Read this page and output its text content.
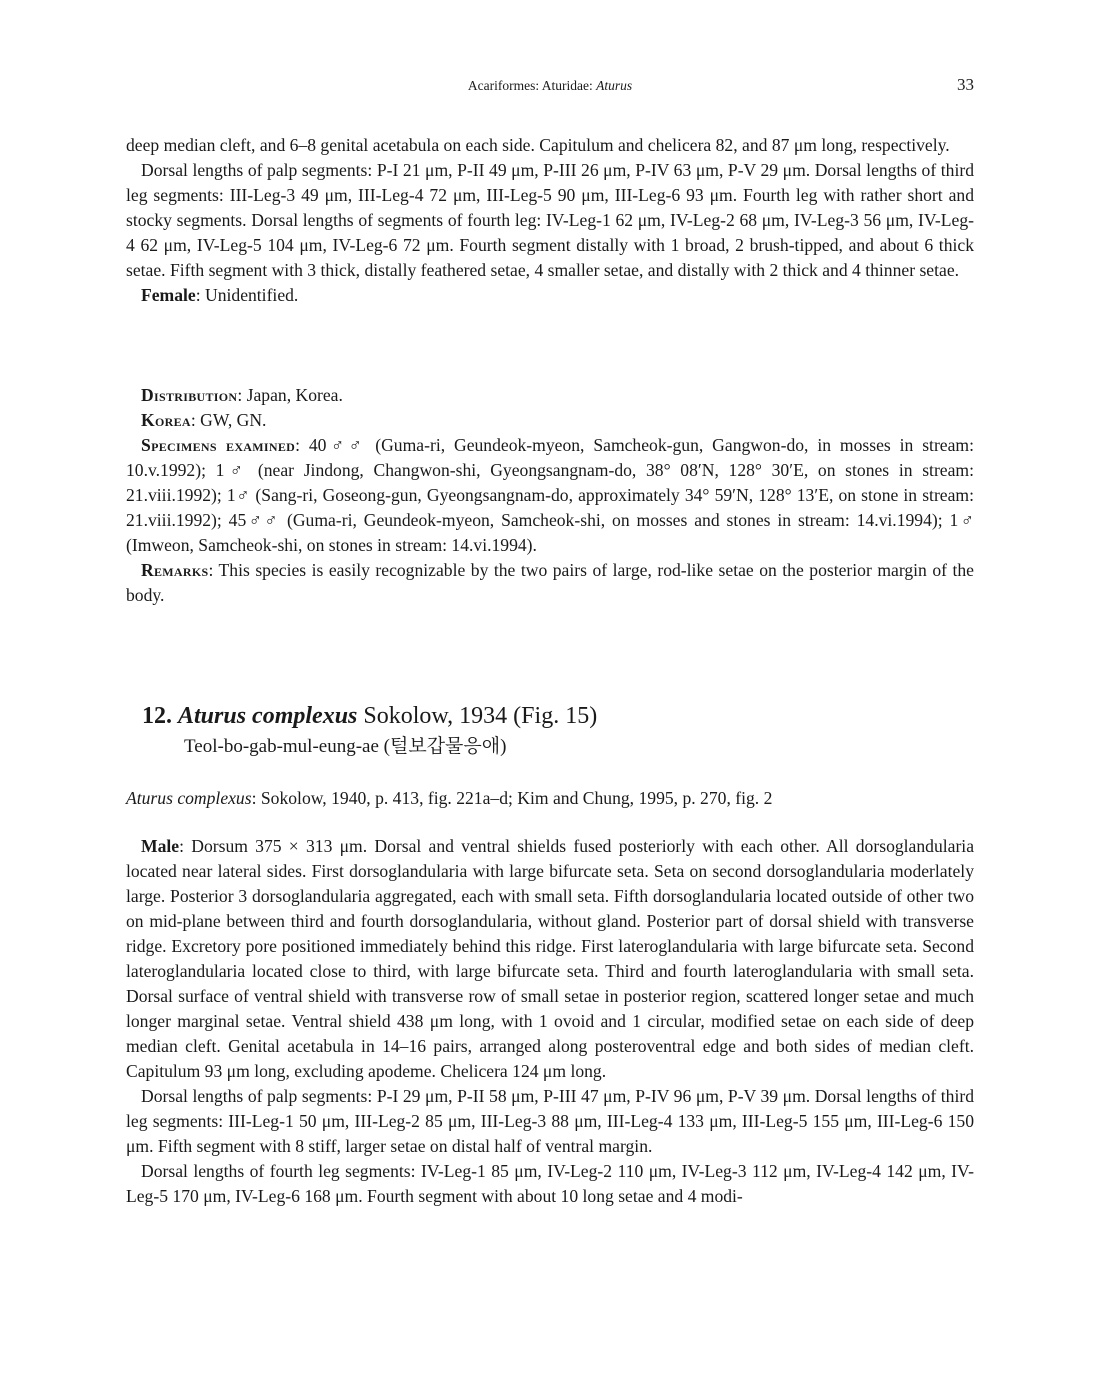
Acariformes: Aturidae: Aturus	33

deep median cleft, and 6–8 genital acetabula on each side. Capitulum and chelicera 82, and 87 μm long, respectively.

Dorsal lengths of palp segments: P-I 21 μm, P-II 49 μm, P-III 26 μm, P-IV 63 μm, P-V 29 μm. Dorsal lengths of third leg segments: III-Leg-3 49 μm, III-Leg-4 72 μm, III-Leg-5 90 μm, III-Leg-6 93 μm. Fourth leg with rather short and stocky segments. Dorsal lengths of segments of fourth leg: IV-Leg-1 62 μm, IV-Leg-2 68 μm, IV-Leg-3 56 μm, IV-Leg-4 62 μm, IV-Leg-5 104 μm, IV-Leg-6 72 μm. Fourth segment distally with 1 broad, 2 brush-tipped, and about 6 thick setae. Fifth segment with 3 thick, distally feathered setae, 4 smaller setae, and distally with 2 thick and 4 thinner setae.

Female: Unidentified.

Distribution: Japan, Korea.

Korea: GW, GN.

Specimens examined: 40♂♂ (Guma-ri, Geundeok-myeon, Samcheok-gun, Gangwon-do, in mosses in stream: 10.v.1992); 1♂ (near Jindong, Changwon-shi, Gyeongsangnam-do, 38° 08′N, 128° 30′E, on stones in stream: 21.viii.1992); 1♂ (Sang-ri, Goseong-gun, Gyeongsangnam-do, approximately 34° 59′N, 128° 13′E, on stone in stream: 21.viii.1992); 45♂♂ (Guma-ri, Geundeok-myeon, Samcheok-shi, on mosses and stones in stream: 14.vi.1994); 1♂ (Imweon, Samcheok-shi, on stones in stream: 14.vi.1994).

Remarks: This species is easily recognizable by the two pairs of large, rod-like setae on the posterior margin of the body.

12. Aturus complexus Sokolow, 1934 (Fig. 15)
Teol-bo-gab-mul-eung-ae (털보갑물응애)
Aturus complexus: Sokolow, 1940, p. 413, fig. 221a–d; Kim and Chung, 1995, p. 270, fig. 2

Male: Dorsum 375 × 313 μm. Dorsal and ventral shields fused posteriorly with each other. All dorsoglandularia located near lateral sides. First dorsoglandularia with large bifurcate seta. Seta on second dorsoglandularia moderlately large. Posterior 3 dorsoglandularia aggregated, each with small seta. Fifth dorsoglandularia located outside of other two on mid-plane between third and fourth dorsoglandularia, without gland. Posterior part of dorsal shield with transverse ridge. Excretory pore positioned immediately behind this ridge. First lateroglandularia with large bifurcate seta. Second lateroglandularia located close to third, with large bifurcate seta. Third and fourth lateroglandularia with small seta. Dorsal surface of ventral shield with transverse row of small setae in posterior region, scattered longer setae and much longer marginal setae. Ventral shield 438 μm long, with 1 ovoid and 1 circular, modified setae on each side of deep median cleft. Genital acetabula in 14–16 pairs, arranged along posteroventral edge and both sides of median cleft. Capitulum 93 μm long, excluding apodeme. Chelicera 124 μm long.

Dorsal lengths of palp segments: P-I 29 μm, P-II 58 μm, P-III 47 μm, P-IV 96 μm, P-V 39 μm. Dorsal lengths of third leg segments: III-Leg-1 50 μm, III-Leg-2 85 μm, III-Leg-3 88 μm, III-Leg-4 133 μm, III-Leg-5 155 μm, III-Leg-6 150 μm. Fifth segment with 8 stiff, larger setae on distal half of ventral margin.

Dorsal lengths of fourth leg segments: IV-Leg-1 85 μm, IV-Leg-2 110 μm, IV-Leg-3 112 μm, IV-Leg-4 142 μm, IV-Leg-5 170 μm, IV-Leg-6 168 μm. Fourth segment with about 10 long setae and 4 modi-
